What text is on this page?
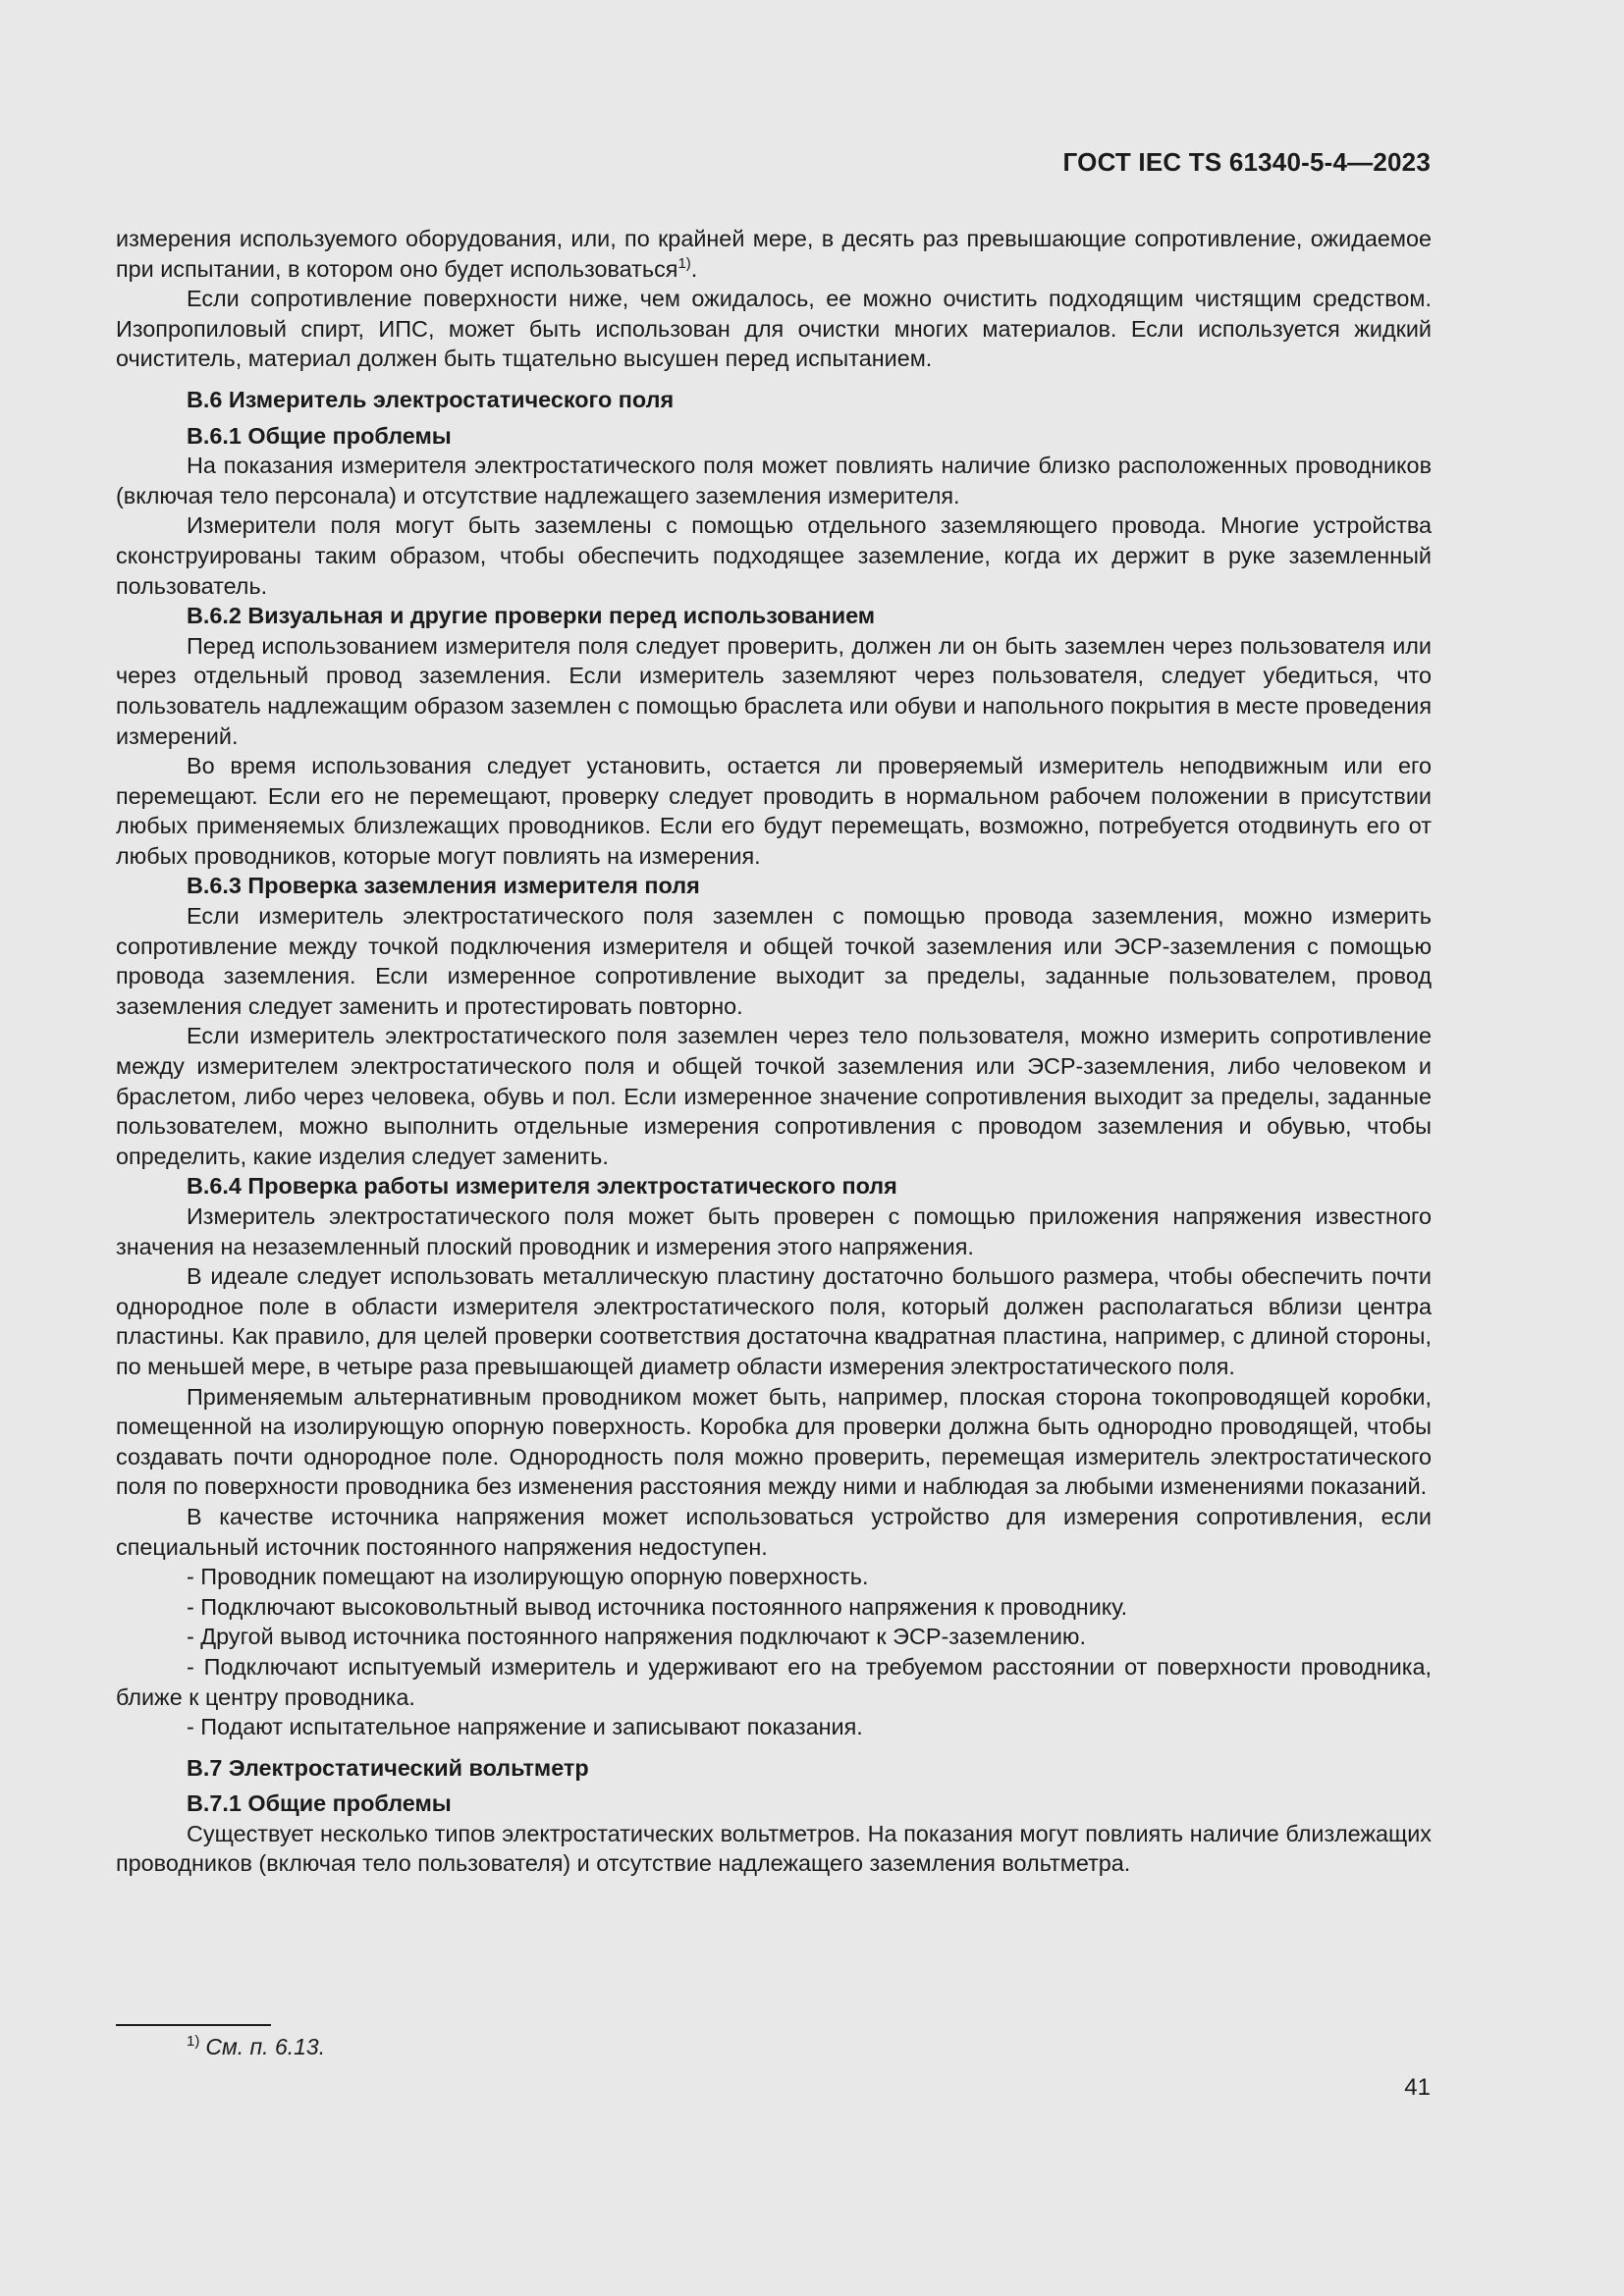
ГОСТ IEC TS 61340-5-4—2023

измерения используемого оборудования, или, по крайней мере, в десять раз превышающие сопротивление, ожидаемое при испытании, в котором оно будет использоваться$^{1)}$.

Если сопротивление поверхности ниже, чем ожидалось, ее можно очистить подходящим чистящим средством. Изопропиловый спирт, ИПС, может быть использован для очистки многих материалов. Если используется жидкий очиститель, материал должен быть тщательно высушен перед испытанием.

В.6 Измеритель электростатического поля

В.6.1 Общие проблемы

На показания измерителя электростатического поля может повлиять наличие близко расположенных проводников (включая тело персонала) и отсутствие надлежащего заземления измерителя.

Измерители поля могут быть заземлены с помощью отдельного заземляющего провода. Многие устройства сконструированы таким образом, чтобы обеспечить подходящее заземление, когда их держит в руке заземленный пользователь.

В.6.2 Визуальная и другие проверки перед использованием

Перед использованием измерителя поля следует проверить, должен ли он быть заземлен через пользователя или через отдельный провод заземления. Если измеритель заземляют через пользователя, следует убедиться, что пользователь надлежащим образом заземлен с помощью браслета или обуви и напольного покрытия в месте проведения измерений.

Во время использования следует установить, остается ли проверяемый измеритель неподвижным или его перемещают. Если его не перемещают, проверку следует проводить в нормальном рабочем положении в присутствии любых применяемых близлежащих проводников. Если его будут перемещать, возможно, потребуется отодвинуть его от любых проводников, которые могут повлиять на измерения.

В.6.3 Проверка заземления измерителя поля

Если измеритель электростатического поля заземлен с помощью провода заземления, можно измерить сопротивление между точкой подключения измерителя и общей точкой заземления или ЭСР-заземления с помощью провода заземления. Если измеренное сопротивление выходит за пределы, заданные пользователем, провод заземления следует заменить и протестировать повторно.

Если измеритель электростатического поля заземлен через тело пользователя, можно измерить сопротивление между измерителем электростатического поля и общей точкой заземления или ЭСР-заземления, либо человеком и браслетом, либо через человека, обувь и пол. Если измеренное значение сопротивления выходит за пределы, заданные пользователем, можно выполнить отдельные измерения сопротивления с проводом заземления и обувью, чтобы определить, какие изделия следует заменить.

В.6.4 Проверка работы измерителя электростатического поля

Измеритель электростатического поля может быть проверен с помощью приложения напряжения известного значения на незаземленный плоский проводник и измерения этого напряжения.

В идеале следует использовать металлическую пластину достаточно большого размера, чтобы обеспечить почти однородное поле в области измерителя электростатического поля, который должен располагаться вблизи центра пластины. Как правило, для целей проверки соответствия достаточна квадратная пластина, например, с длиной стороны, по меньшей мере, в четыре раза превышающей диаметр области измерения электростатического поля.

Применяемым альтернативным проводником может быть, например, плоская сторона токопроводящей коробки, помещенной на изолирующую опорную поверхность. Коробка для проверки должна быть однородно проводящей, чтобы создавать почти однородное поле. Однородность поля можно проверить, перемещая измеритель электростатического поля по поверхности проводника без изменения расстояния между ними и наблюдая за любыми изменениями показаний.

В качестве источника напряжения может использоваться устройство для измерения сопротивления, если специальный источник постоянного напряжения недоступен.

- Проводник помещают на изолирующую опорную поверхность.

- Подключают высоковольтный вывод источника постоянного напряжения к проводнику.

- Другой вывод источника постоянного напряжения подключают к ЭСР-заземлению.

- Подключают испытуемый измеритель и удерживают его на требуемом расстоянии от поверхности проводника, ближе к центру проводника.

- Подают испытательное напряжение и записывают показания.

В.7 Электростатический вольтметр

В.7.1 Общие проблемы

Существует несколько типов электростатических вольтметров. На показания могут повлиять наличие близлежащих проводников (включая тело пользователя) и отсутствие надлежащего заземления вольтметра.

$^{1)}$ См. п. 6.13.
41
